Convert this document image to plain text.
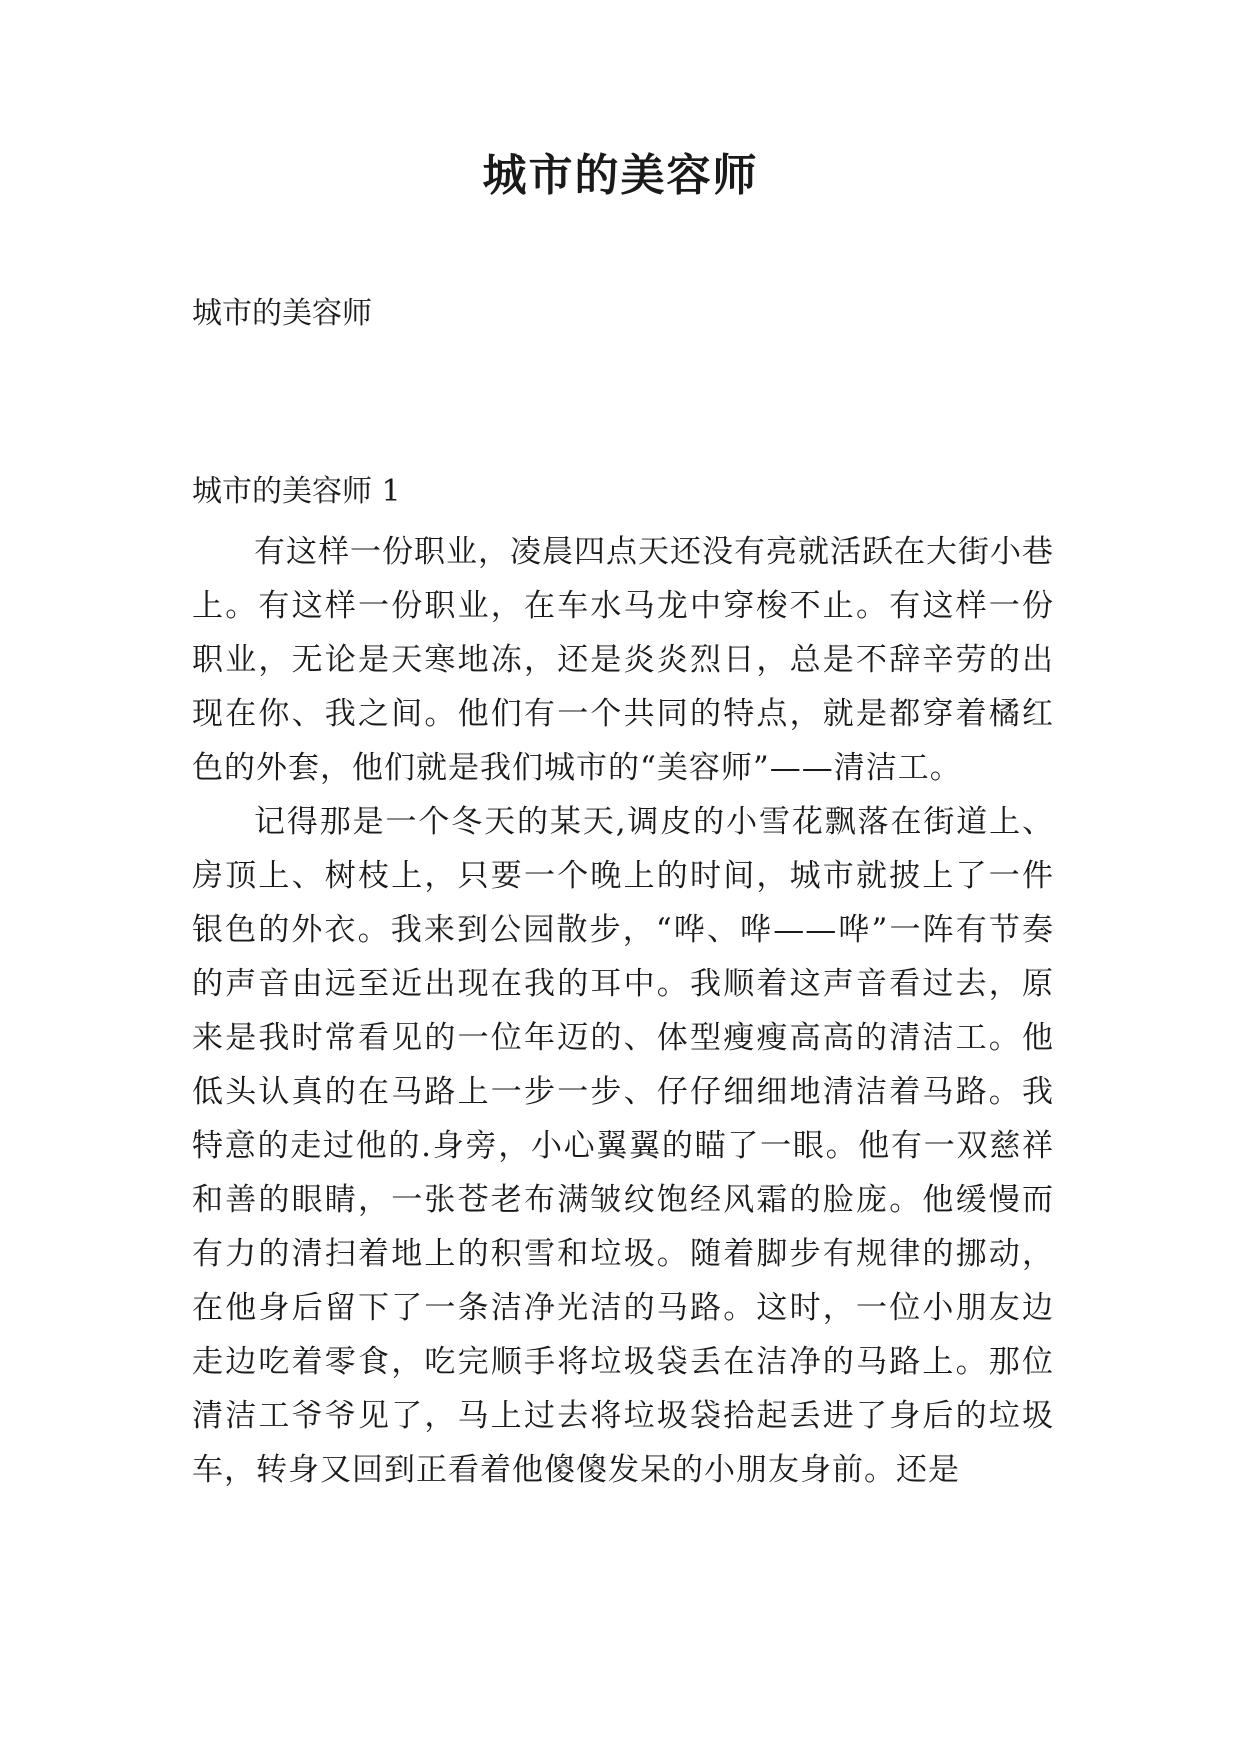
城市的美容师
城市的美容师
城市的美容师 1

有这样一份职业，凌晨四点天还没有亮就活跃在大街小巷上。有这样一份职业，在车水马龙中穿梭不止。有这样一份职业，无论是天寒地冻，还是炎炎烈日，总是不辞辛劳的出现在你、我之间。他们有一个共同的特点，就是都穿着橘红色的外套，他们就是我们城市的“美容师”——清洁工。

记得那是一个冬天的某天,调皮的小雪花飘落在街道上、房顶上、树枝上，只要一个晚上的时间，城市就披上了一件银色的外衣。我来到公园散步，“哗、哗——哗”一阵有节奏的声音由远至近出现在我的耳中。我顺着这声音看过去，原来是我时常看见的一位年迈的、体型瘦瘦高高的清洁工。他低头认真的在马路上一步一步、仔仔细细地清洁着马路。我特意的走过他的.身旁，小心翼翼的瞄了一眼。他有一双慈祥和善的眼睛，一张苍老布满皱纹饱经风霜的脸庞。他缓慢而有力的清扫着地上的积雪和垃圾。随着脚步有规律的挪动，在他身后留下了一条洁净光洁的马路。这时，一位小朋友边走边吃着零食，吃完顺手将垃圾袋丢在洁净的马路上。那位清洁工爷爷见了，马上过去将垃圾袋拾起丢进了身后的垃圾车，转身又回到正看着他傻傻发呆的小朋友身前。还是
